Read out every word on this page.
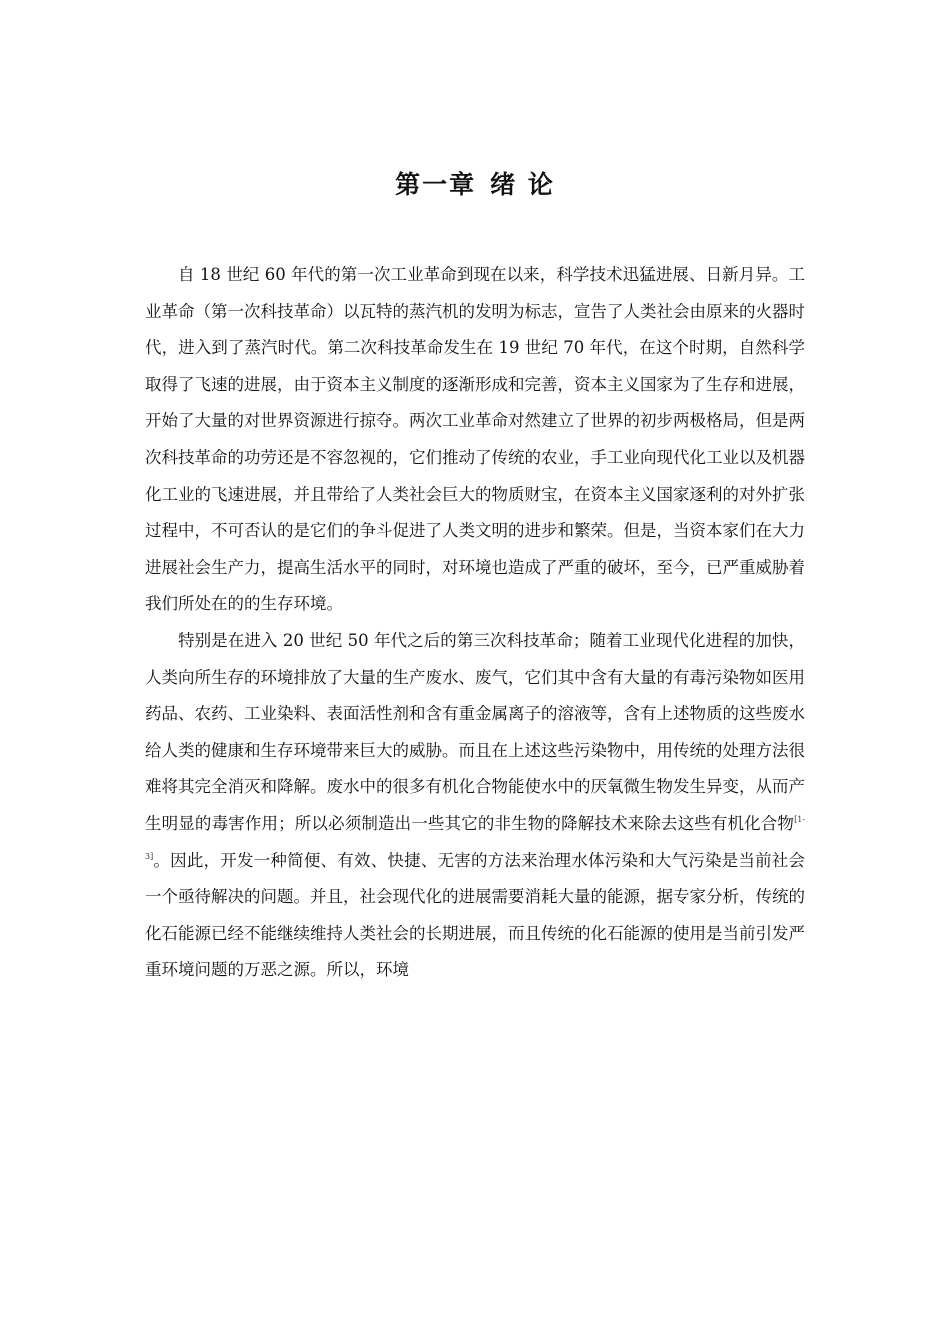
第一章 绪 论

自 18 世纪 60 年代的第一次工业革命到现在以来，科学技术迅猛进展、日新月异。工业革命（第一次科技革命）以瓦特的蒸汽机的发明为标志，宣告了人类社会由原来的火器时代，进入到了蒸汽时代。第二次科技革命发生在 19 世纪 70 年代，在这个时期，自然科学取得了飞速的进展，由于资本主义制度的逐渐形成和完善，资本主义国家为了生存和进展，开始了大量的对世界资源进行掠夺。两次工业革命对然建立了世界的初步两极格局，但是两次科技革命的功劳还是不容忽视的，它们推动了传统的农业，手工业向现代化工业以及机器化工业的飞速进展，并且带给了人类社会巨大的物质财宝，在资本主义国家逐利的对外扩张过程中，不可否认的是它们的争斗促进了人类文明的进步和繁荣。但是，当资本家们在大力进展社会生产力，提高生活水平的同时，对环境也造成了严重的破坏，至今，已严重威胁着我们所处在的的生存环境。

特别是在进入 20 世纪 50 年代之后的第三次科技革命；随着工业现代化进程的加快，人类向所生存的环境排放了大量的生产废水、废气，它们其中含有大量的有毒污染物如医用药品、农药、工业染料、表面活性剂和含有重金属离子的溶液等，含有上述物质的这些废水给人类的健康和生存环境带来巨大的威胁。而且在上述这些污染物中，用传统的处理方法很难将其完全消灭和降解。废水中的很多有机化合物能使水中的厌氧微生物发生异变，从而产生明显的毒害作用；所以必须制造出一些其它的非生物的降解技术来除去这些有机化合物[1-3]。因此，开发一种简便、有效、快捷、无害的方法来治理水体污染和大气污染是当前社会一个亟待解决的问题。并且，社会现代化的进展需要消耗大量的能源，据专家分析，传统的化石能源已经不能继续维持人类社会的长期进展，而且传统的化石能源的使用是当前引发严重环境问题的万恶之源。所以，环境
